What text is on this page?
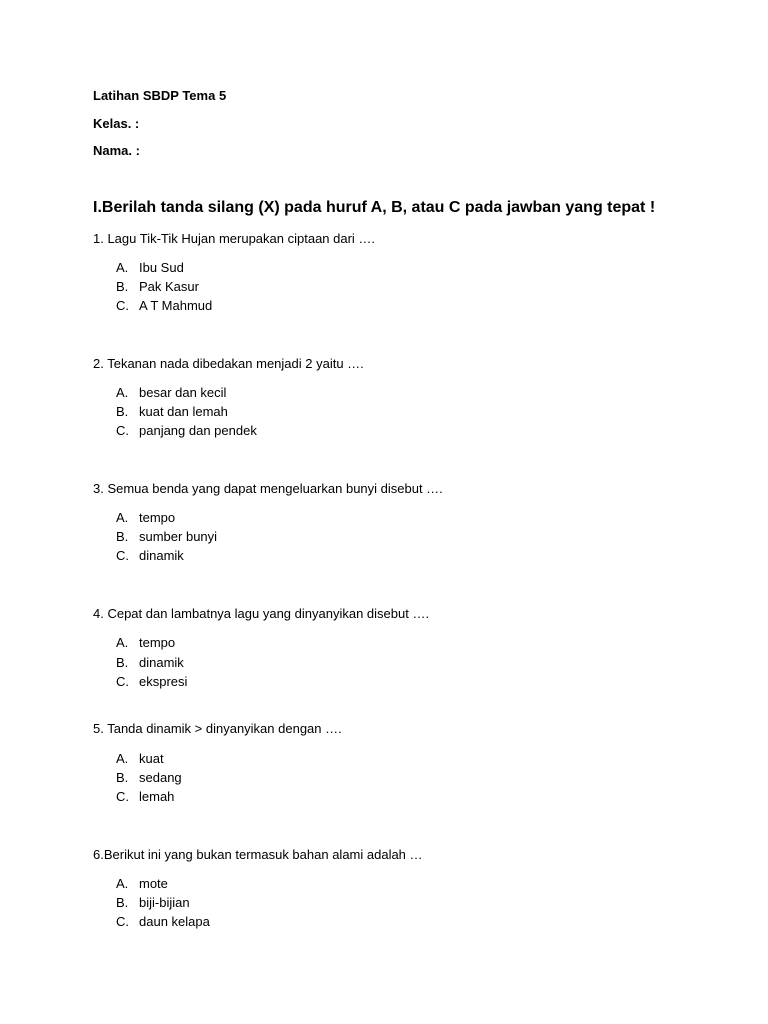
Latihan SBDP Tema 5
Kelas. :
Nama. :
I.Berilah tanda silang (X) pada huruf A, B, atau C pada jawban yang tepat !
1. Lagu Tik-Tik Hujan merupakan ciptaan dari ….
A. Ibu Sud
B. Pak Kasur
C. A T Mahmud
2. Tekanan nada dibedakan menjadi 2 yaitu ….
A. besar dan kecil
B. kuat dan lemah
C. panjang dan pendek
3. Semua benda yang dapat mengeluarkan bunyi disebut ….
A. tempo
B. sumber bunyi
C. dinamik
4. Cepat dan lambatnya lagu yang dinyanyikan disebut ….
A. tempo
B. dinamik
C. ekspresi
5. Tanda dinamik > dinyanyikan dengan ….
A. kuat
B. sedang
C. lemah
6.Berikut ini yang bukan termasuk bahan alami adalah …
A. mote
B. biji-bijian
C. daun kelapa
